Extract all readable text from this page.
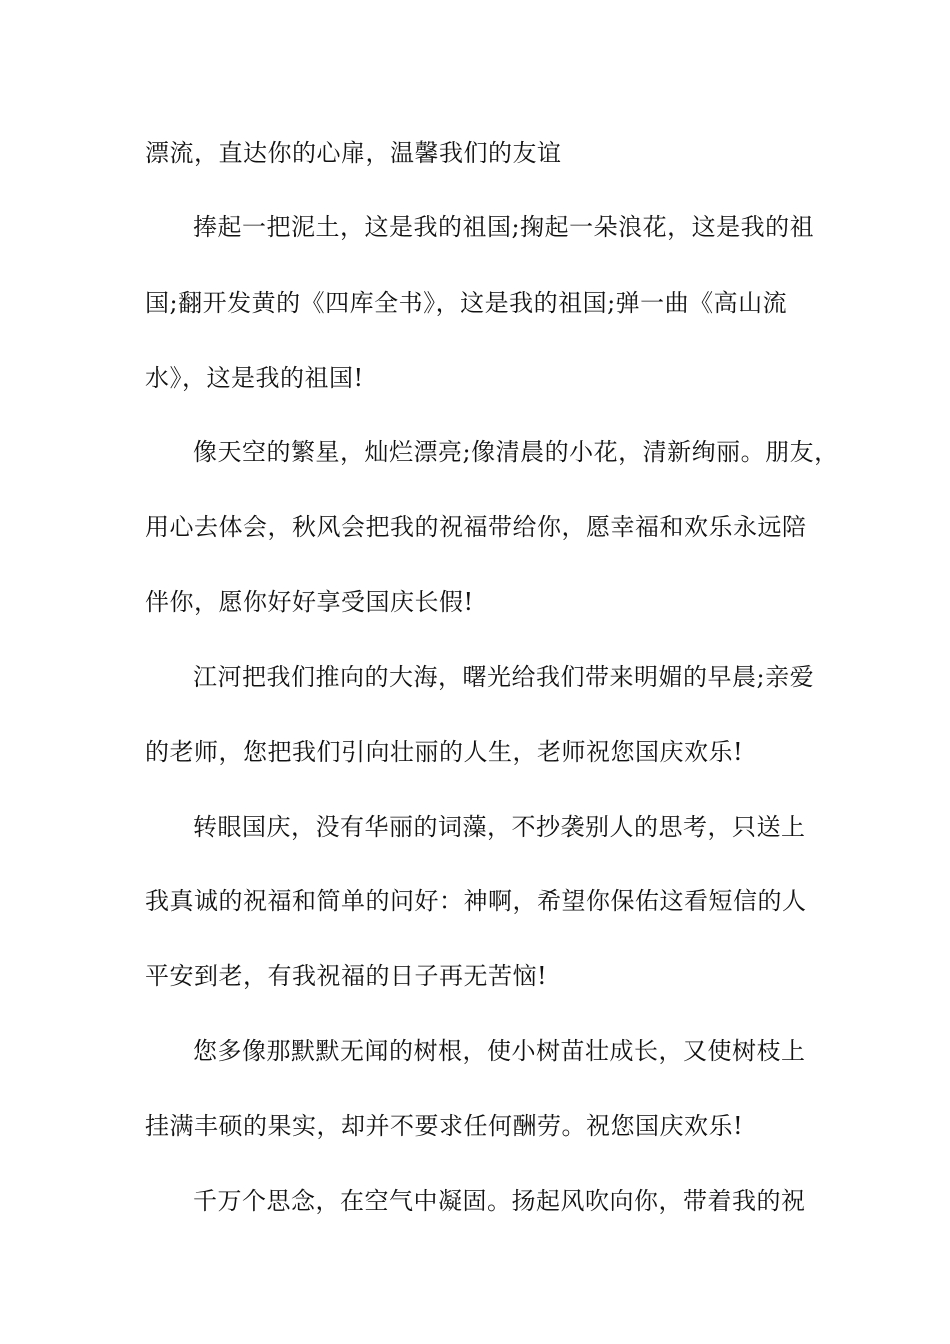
漂流，直达你的心扉，温馨我们的友谊
捧起一把泥土，这是我的祖国;掬起一朵浪花，这是我的祖
国;翻开发黄的《四库全书》，这是我的祖国;弹一曲《高山流
水》，这是我的祖国!
像天空的繁星，灿烂漂亮;像清晨的小花，清新绚丽。朋友，
用心去体会，秋风会把我的祝福带给你，愿幸福和欢乐永远陪
伴你，愿你好好享受国庆长假!
江河把我们推向的大海，曙光给我们带来明媚的早晨;亲爱
的老师，您把我们引向壮丽的人生，老师祝您国庆欢乐!
转眼国庆，没有华丽的词藻，不抄袭别人的思考，只送上
我真诚的祝福和简单的问好：神啊，希望你保佑这看短信的人
平安到老，有我祝福的日子再无苦恼!
您多像那默默无闻的树根，使小树苗壮成长，又使树枝上
挂满丰硕的果实，却并不要求任何酬劳。祝您国庆欢乐!
千万个思念，在空气中凝固。扬起风吹向你，带着我的祝
